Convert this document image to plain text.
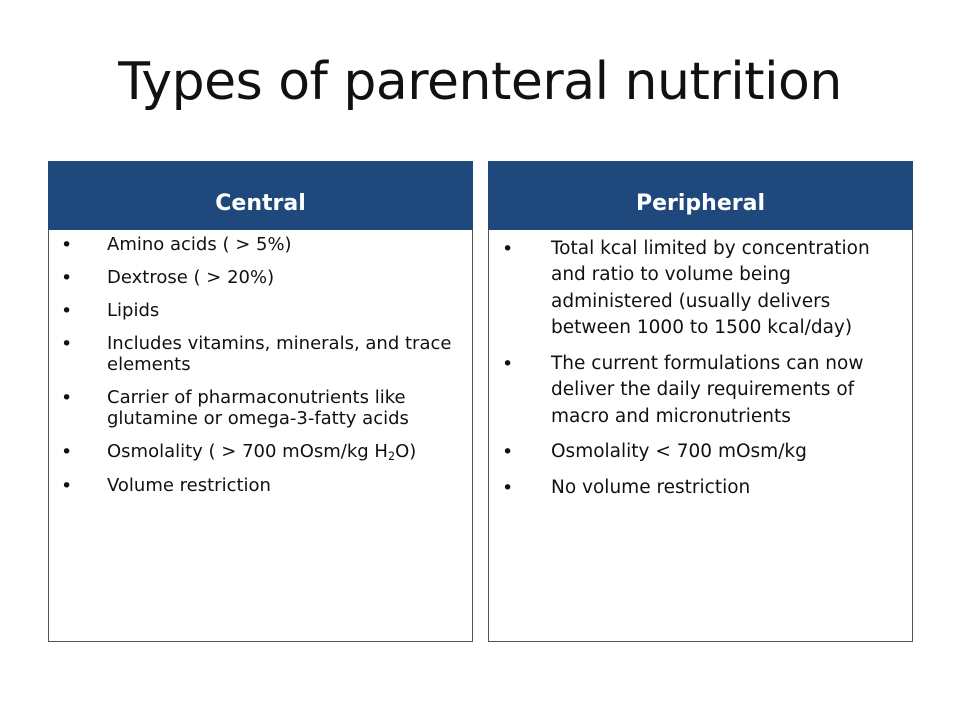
Types of parenteral nutrition
Central
• Amino acids ( > 5%)
• Dextrose ( > 20%)
• Lipids
• Includes vitamins, minerals, and trace elements
• Carrier of pharmaconutrients like glutamine or omega-3-fatty acids
• Osmolality ( > 700 mOsm/kg $H_2O$)
• Volume restriction
Peripheral
• Total kcal limited by concentration and ratio to volume being administered (usually delivers between 1000 to 1500 kcal/day)
• The current formulations can now deliver the daily requirements of macro and micronutrients
• Osmolality < 700 mOsm/kg
• No volume restriction
